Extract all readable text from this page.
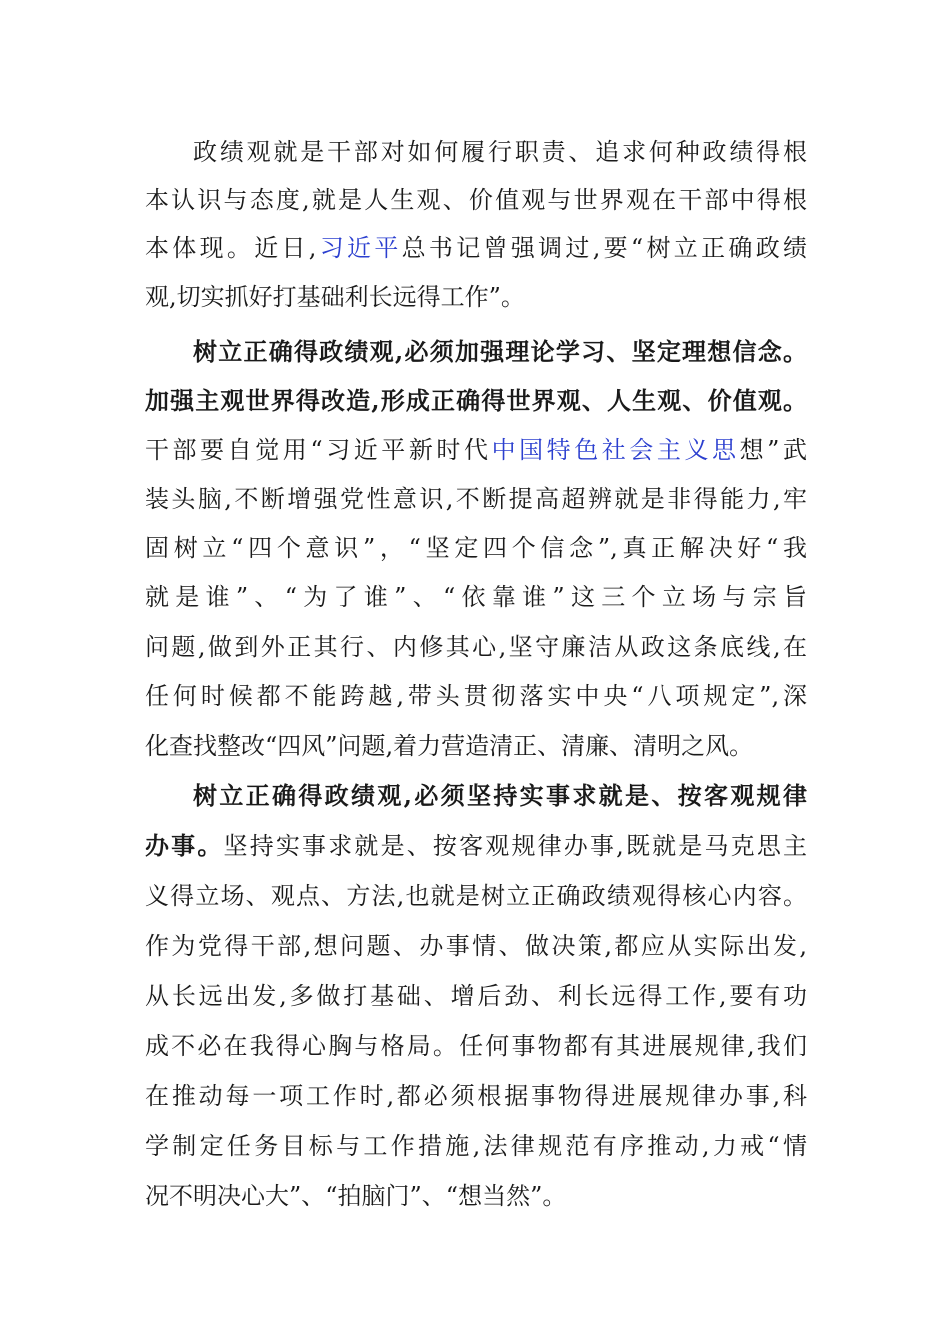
政绩观就是干部对如何履行职责、追求何种政绩得根
本认识与态度,就是人生观、价值观与世界观在干部中得根
本体现。近日,习近平总书记曾强调过,要“树立正确政绩
观,切实抓好打基础利长远得工作”。
树立正确得政绩观,必须加强理论学习、坚定理想信念。
加强主观世界得改造,形成正确得世界观、人生观、价值观。
干部要自觉用“习近平新时代中国特色社会主义思想”武
装头脑,不断增强党性意识,不断提高超辨就是非得能力,牢
固树立“四个意识”，“坚定四个信念”,真正解决好“我
就是谁”、“为了谁”、“依靠谁”这三个立场与宗旨
问题,做到外正其行、内修其心,坚守廉洁从政这条底线,在
任何时候都不能跨越,带头贯彻落实中央“八项规定”,深
化查找整改“四风”问题,着力营造清正、清廉、清明之风。
树立正确得政绩观,必须坚持实事求就是、按客观规律
办事。坚持实事求就是、按客观规律办事,既就是马克思主
义得立场、观点、方法,也就是树立正确政绩观得核心内容。
作为党得干部,想问题、办事情、做决策,都应从实际出发,
从长远出发,多做打基础、增后劲、利长远得工作,要有功
成不必在我得心胸与格局。任何事物都有其进展规律,我们
在推动每一项工作时,都必须根据事物得进展规律办事,科
学制定任务目标与工作措施,法律规范有序推动,力戒“情
况不明决心大”、“拍脑门”、“想当然”。
